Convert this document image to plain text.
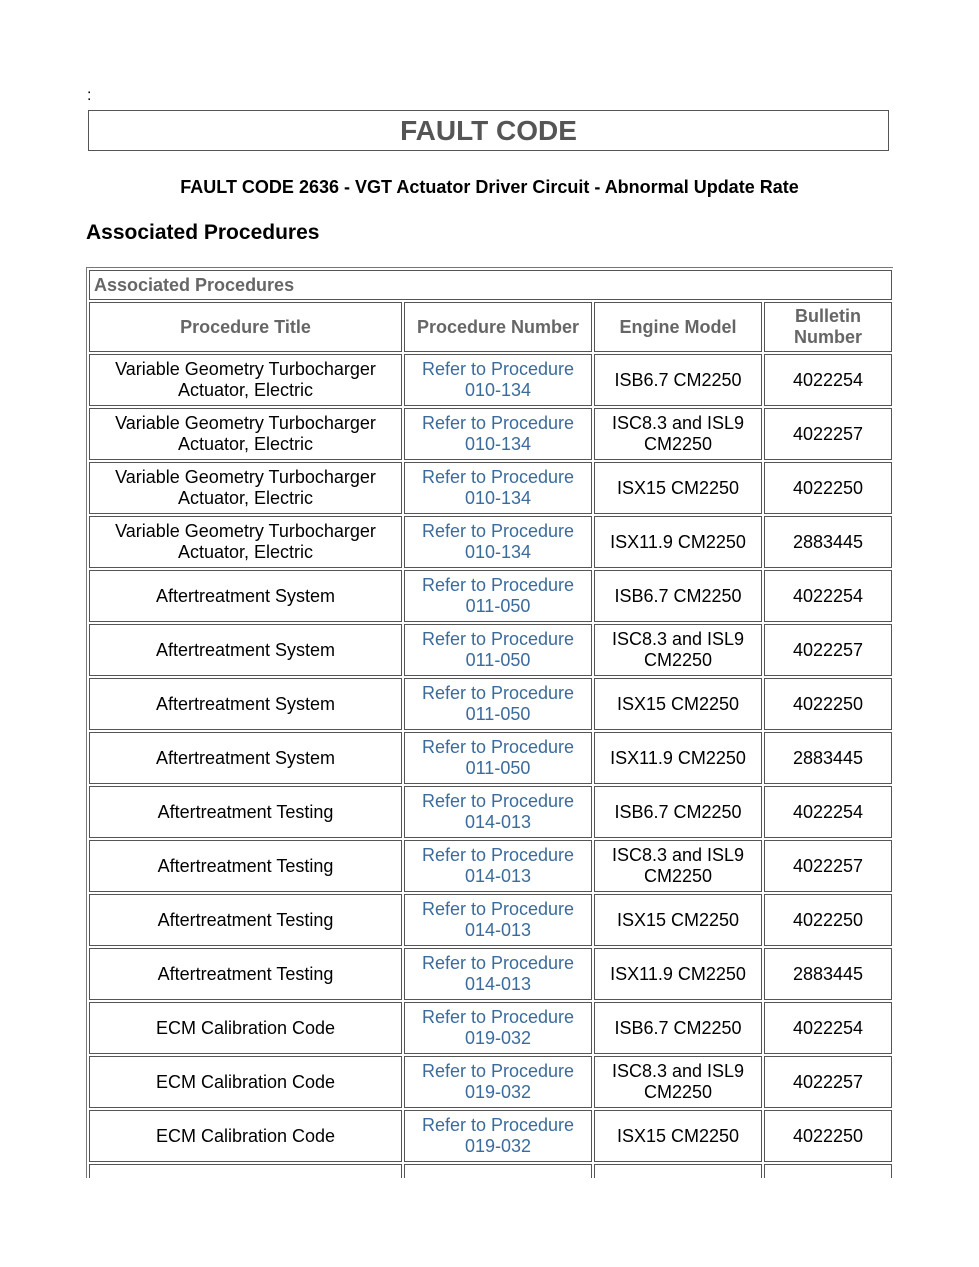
:
FAULT CODE
FAULT CODE 2636 - VGT Actuator Driver Circuit - Abnormal Update Rate
Associated Procedures
Associated Procedures			
Procedure Title	Procedure Number	Engine Model	Bulletin Number
Variable Geometry Turbocharger Actuator, Electric	Refer to Procedure 010-134	ISB6.7 CM2250	4022254
Variable Geometry Turbocharger Actuator, Electric	Refer to Procedure 010-134	ISC8.3 and ISL9 CM2250	4022257
Variable Geometry Turbocharger Actuator, Electric	Refer to Procedure 010-134	ISX15 CM2250	4022250
Variable Geometry Turbocharger Actuator, Electric	Refer to Procedure 010-134	ISX11.9 CM2250	2883445
Aftertreatment System	Refer to Procedure 011-050	ISB6.7 CM2250	4022254
Aftertreatment System	Refer to Procedure 011-050	ISC8.3 and ISL9 CM2250	4022257
Aftertreatment System	Refer to Procedure 011-050	ISX15 CM2250	4022250
Aftertreatment System	Refer to Procedure 011-050	ISX11.9 CM2250	2883445
Aftertreatment Testing	Refer to Procedure 014-013	ISB6.7 CM2250	4022254
Aftertreatment Testing	Refer to Procedure 014-013	ISC8.3 and ISL9 CM2250	4022257
Aftertreatment Testing	Refer to Procedure 014-013	ISX15 CM2250	4022250
Aftertreatment Testing	Refer to Procedure 014-013	ISX11.9 CM2250	2883445
ECM Calibration Code	Refer to Procedure 019-032	ISB6.7 CM2250	4022254
ECM Calibration Code	Refer to Procedure 019-032	ISC8.3 and ISL9 CM2250	4022257
ECM Calibration Code	Refer to Procedure 019-032	ISX15 CM2250	4022250
